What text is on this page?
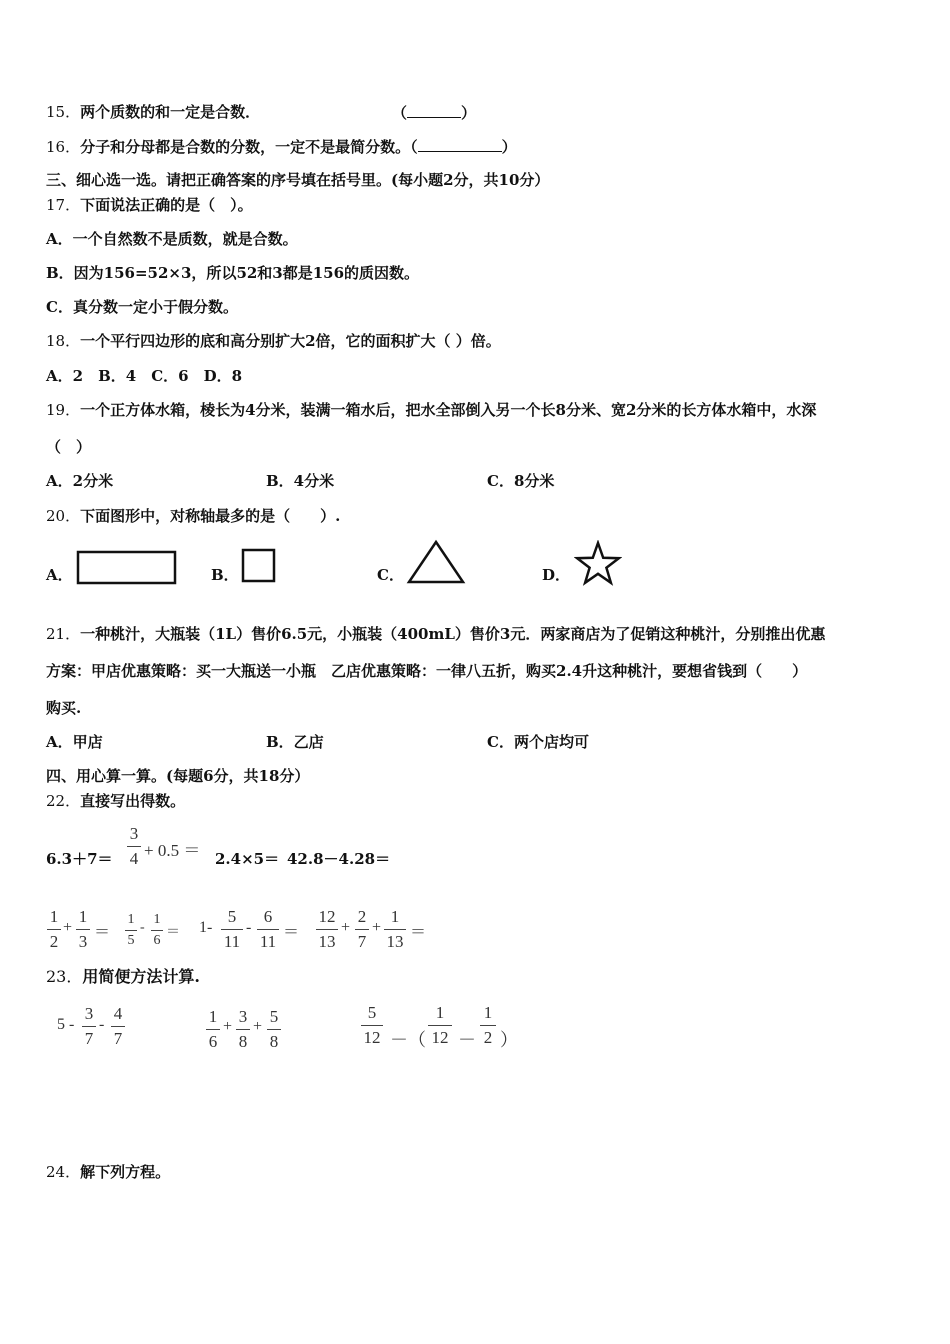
15．两个质数的和一定是合数．	（	）
16．分子和分母都是合数的分数，一定不是最简分数。（	）
三、细心选一选。请把正确答案的序号填在括号里。(每小题2分，共10分）
17．下面说法正确的是（　）。
A．一个自然数不是质数，就是合数。
B．因为156=52×3，所以52和3都是156的质因数。
C．真分数一定小于假分数。
18．一个平行四边形的底和高分别扩大2倍，它的面积扩大（ ）倍。
A．2　B．4　C．6　D．8
19．一个正方体水箱，棱长为4分米，装满一箱水后，把水全部倒入另一个长8分米、宽2分米的长方体水箱中，水深
（　）
A．2分米	B．4分米	C．8分米
20．下面图形中，对称轴最多的是（　　）.
A．	B．	C．	D．
21．一种桃汁，大瓶装（1L）售价6.5元，小瓶装（400mL）售价3元．两家商店为了促销这种桃汁，分别推出优惠
方案：甲店优惠策略：买一大瓶送一小瓶　乙店优惠策略：一律八五折，购买2.4升这种桃汁，要想省钱到（　　）
购买.
A．甲店	B．乙店	C．两个店均可
四、用心算一算。(每题6分，共18分）
22．直接写出得数。
6.3＋7＝
3
4 + 0.5 ＝ 2.4×5＝ 42.8－4.28＝
1
2
+
1
3 ＝
1
5
-
1
6
＝ 1-
5
11
-
6
11 ＝
12
13
+
2
7
+
1
13 ＝
23．用简便方法计算.
5 -
3
7
-
4
7
1
6
+
3
8
+
5
8
5
12 －（
1
12 －
1
2 ）
24．解下列方程。
